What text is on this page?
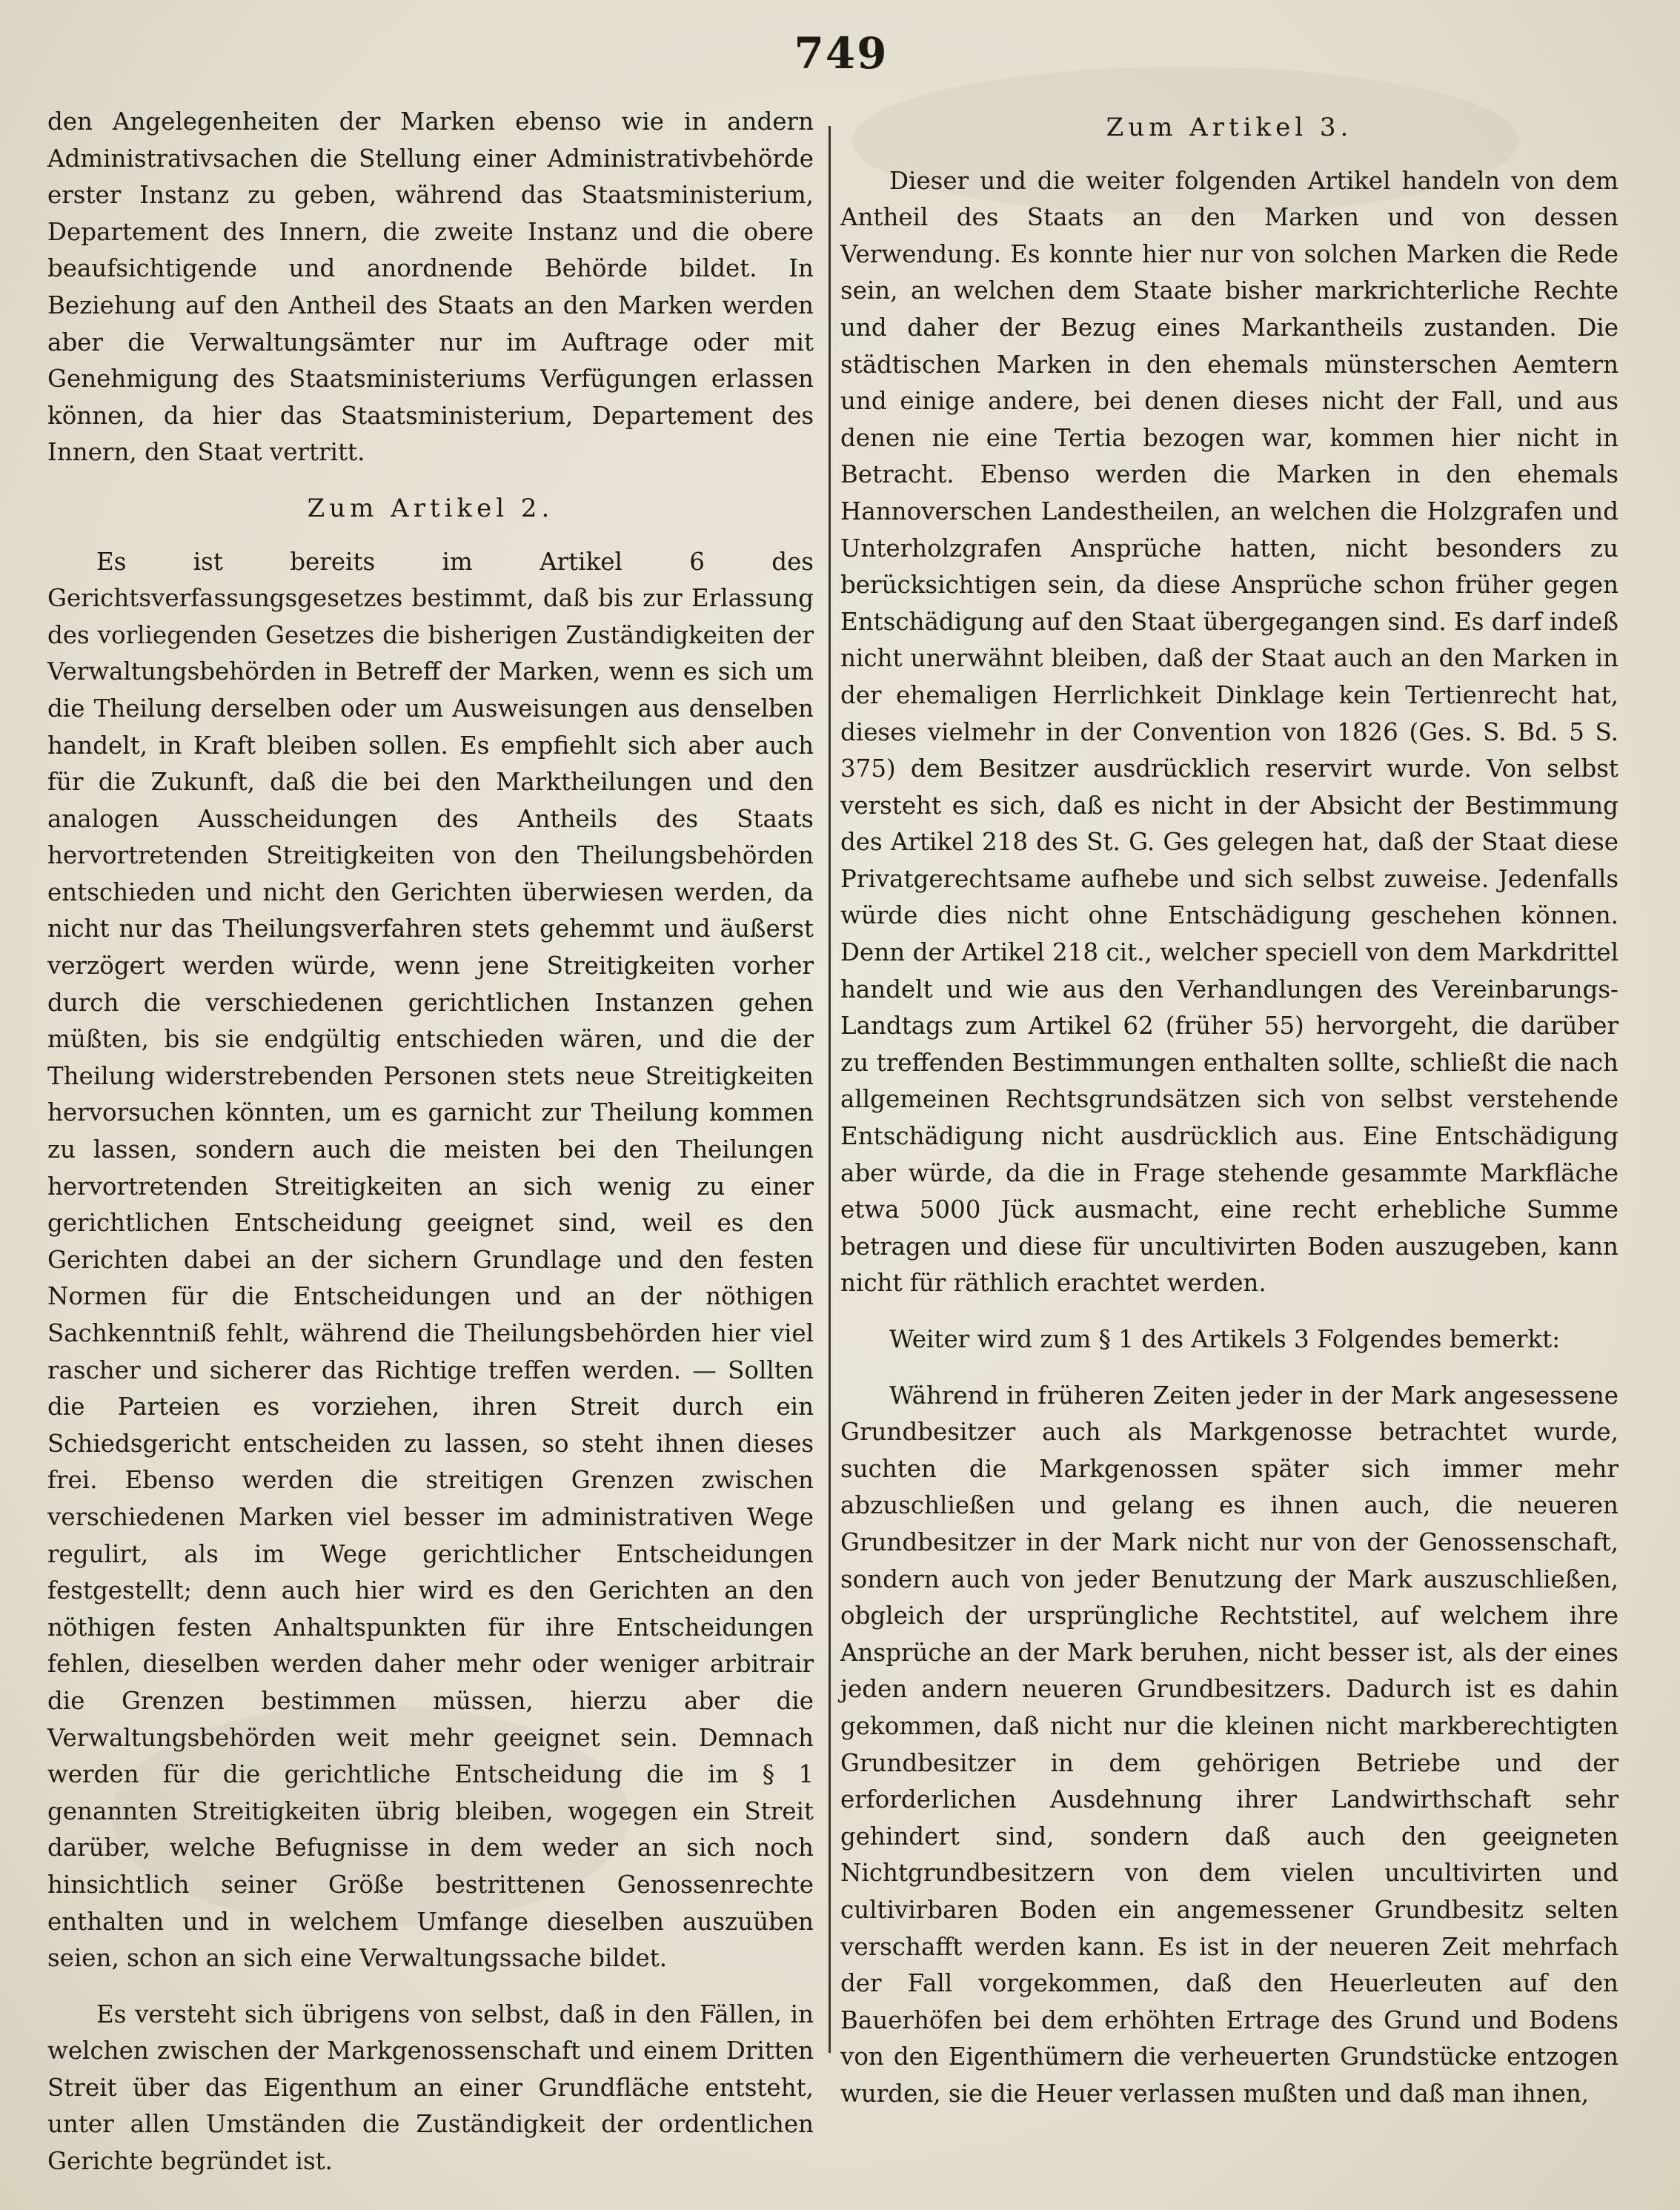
749

den Angelegenheiten der Marken ebenso wie in andern Administrativsachen die Stellung einer Administrativbehörde erster Instanz zu geben, während das Staatsministerium, Departement des Innern, die zweite Instanz und die obere beaufsichtigende und anordnende Behörde bildet. In Beziehung auf den Antheil des Staats an den Marken werden aber die Verwaltungsämter nur im Auftrage oder mit Genehmigung des Staatsministeriums Verfügungen erlassen können, da hier das Staatsministerium, Departement des Innern, den Staat vertritt.

Zum Artikel 2.

Es ist bereits im Artikel 6 des Gerichtsverfassungsgesetzes bestimmt, daß bis zur Erlassung des vorliegenden Gesetzes die bisherigen Zuständigkeiten der Verwaltungsbehörden in Betreff der Marken, wenn es sich um die Theilung derselben oder um Ausweisungen aus denselben handelt, in Kraft bleiben sollen. Es empfiehlt sich aber auch für die Zukunft, daß die bei den Marktheilungen und den analogen Ausscheidungen des Antheils des Staats hervortretenden Streitigkeiten von den Theilungsbehörden entschieden und nicht den Gerichten überwiesen werden, da nicht nur das Theilungsverfahren stets gehemmt und äußerst verzögert werden würde, wenn jene Streitigkeiten vorher durch die verschiedenen gerichtlichen Instanzen gehen müßten, bis sie endgültig entschieden wären, und die der Theilung widerstrebenden Personen stets neue Streitigkeiten hervorsuchen könnten, um es garnicht zur Theilung kommen zu lassen, sondern auch die meisten bei den Theilungen hervortretenden Streitigkeiten an sich wenig zu einer gerichtlichen Entscheidung geeignet sind, weil es den Gerichten dabei an der sichern Grundlage und den festen Normen für die Entscheidungen und an der nöthigen Sachkenntniß fehlt, während die Theilungsbehörden hier viel rascher und sicherer das Richtige treffen werden. — Sollten die Parteien es vorziehen, ihren Streit durch ein Schiedsgericht entscheiden zu lassen, so steht ihnen dieses frei. Ebenso werden die streitigen Grenzen zwischen verschiedenen Marken viel besser im administrativen Wege regulirt, als im Wege gerichtlicher Entscheidungen festgestellt; denn auch hier wird es den Gerichten an den nöthigen festen Anhaltspunkten für ihre Entscheidungen fehlen, dieselben werden daher mehr oder weniger arbitrair die Grenzen bestimmen müssen, hierzu aber die Verwaltungsbehörden weit mehr geeignet sein. Demnach werden für die gerichtliche Entscheidung die im § 1 genannten Streitigkeiten übrig bleiben, wogegen ein Streit darüber, welche Befugnisse in dem weder an sich noch hinsichtlich seiner Größe bestrittenen Genossenrechte enthalten und in welchem Umfange dieselben auszuüben seien, schon an sich eine Verwaltungssache bildet.

Es versteht sich übrigens von selbst, daß in den Fällen, in welchen zwischen der Markgenossenschaft und einem Dritten Streit über das Eigenthum an einer Grundfläche entsteht, unter allen Umständen die Zuständigkeit der ordentlichen Gerichte begründet ist.

Zum Artikel 3.

Dieser und die weiter folgenden Artikel handeln von dem Antheil des Staats an den Marken und von dessen Verwendung. Es konnte hier nur von solchen Marken die Rede sein, an welchen dem Staate bisher markrichterliche Rechte und daher der Bezug eines Markantheils zustanden. Die städtischen Marken in den ehemals münsterschen Aemtern und einige andere, bei denen dieses nicht der Fall, und aus denen nie eine Tertia bezogen war, kommen hier nicht in Betracht. Ebenso werden die Marken in den ehemals Hannoverschen Landestheilen, an welchen die Holzgrafen und Unterholzgrafen Ansprüche hatten, nicht besonders zu berücksichtigen sein, da diese Ansprüche schon früher gegen Entschädigung auf den Staat übergegangen sind. Es darf indeß nicht unerwähnt bleiben, daß der Staat auch an den Marken in der ehemaligen Herrlichkeit Dinklage kein Tertienrecht hat, dieses vielmehr in der Convention von 1826 (Ges. S. Bd. 5 S. 375) dem Besitzer ausdrücklich reservirt wurde. Von selbst versteht es sich, daß es nicht in der Absicht der Bestimmung des Artikel 218 des St. G. Ges gelegen hat, daß der Staat diese Privatgerechtsame aufhebe und sich selbst zuweise. Jedenfalls würde dies nicht ohne Entschädigung geschehen können. Denn der Artikel 218 cit., welcher speciell von dem Markdrittel handelt und wie aus den Verhandlungen des Vereinbarungs-Landtags zum Artikel 62 (früher 55) hervorgeht, die darüber zu treffenden Bestimmungen enthalten sollte, schließt die nach allgemeinen Rechtsgrundsätzen sich von selbst verstehende Entschädigung nicht ausdrücklich aus. Eine Entschädigung aber würde, da die in Frage stehende gesammte Markfläche etwa 5000 Jück ausmacht, eine recht erhebliche Summe betragen und diese für uncultivirten Boden auszugeben, kann nicht für räthlich erachtet werden.

Weiter wird zum § 1 des Artikels 3 Folgendes bemerkt:

Während in früheren Zeiten jeder in der Mark angesessene Grundbesitzer auch als Markgenosse betrachtet wurde, suchten die Markgenossen später sich immer mehr abzuschließen und gelang es ihnen auch, die neueren Grundbesitzer in der Mark nicht nur von der Genossenschaft, sondern auch von jeder Benutzung der Mark auszuschließen, obgleich der ursprüngliche Rechtstitel, auf welchem ihre Ansprüche an der Mark beruhen, nicht besser ist, als der eines jeden andern neueren Grundbesitzers. Dadurch ist es dahin gekommen, daß nicht nur die kleinen nicht markberechtigten Grundbesitzer in dem gehörigen Betriebe und der erforderlichen Ausdehnung ihrer Landwirthschaft sehr gehindert sind, sondern daß auch den geeigneten Nichtgrundbesitzern von dem vielen uncultivirten und cultivirbaren Boden ein angemessener Grundbesitz selten verschafft werden kann. Es ist in der neueren Zeit mehrfach der Fall vorgekommen, daß den Heuerleuten auf den Bauerhöfen bei dem erhöhten Ertrage des Grund und Bodens von den Eigenthümern die verheuerten Grundstücke entzogen wurden, sie die Heuer verlassen mußten und daß man ihnen,
